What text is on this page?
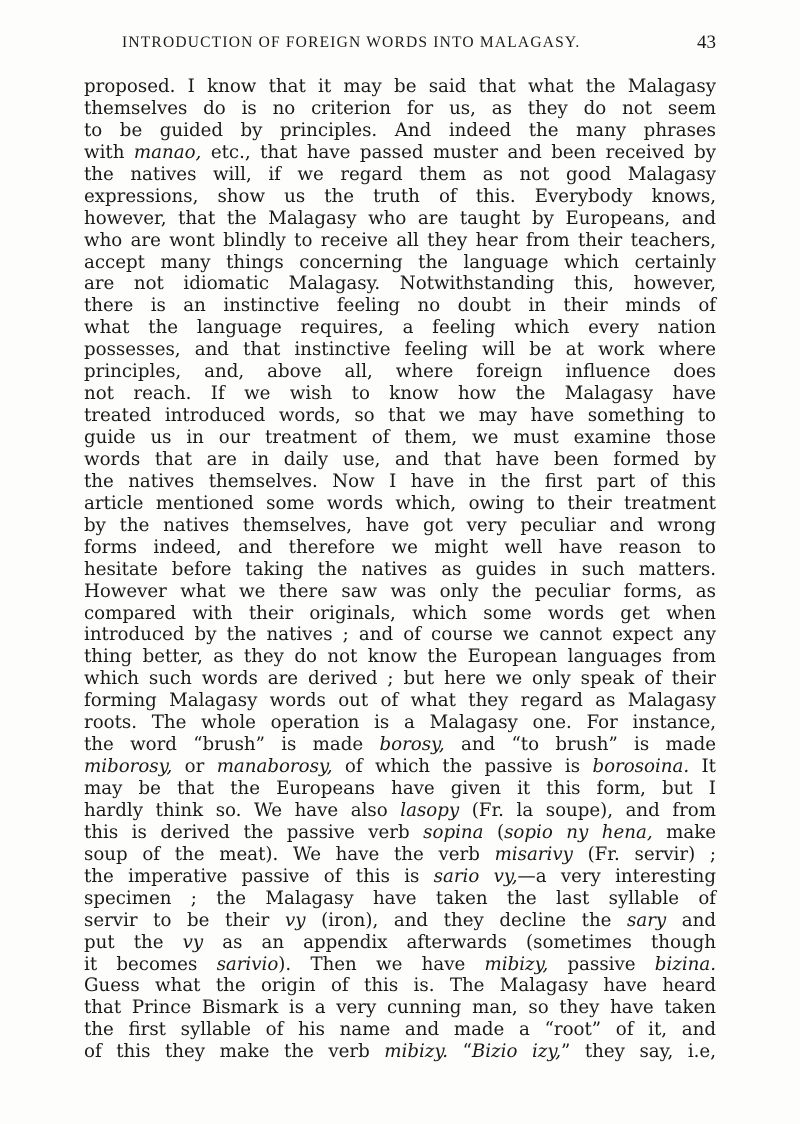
INTRODUCTION OF FOREIGN WORDS INTO MALAGASY.	43
proposed. I know that it may be said that what the Malagasy
themselves do is no criterion for us, as they do not seem
to be guided by principles. And indeed the many phrases
with manao, etc., that have passed muster and been received by
the natives will, if we regard them as not good Malagasy
expressions, show us the truth of this. Everybody knows,
however, that the Malagasy who are taught by Europeans, and
who are wont blindly to receive all they hear from their teachers,
accept many things concerning the language which certainly
are not idiomatic Malagasy. Notwithstanding this, however,
there is an instinctive feeling no doubt in their minds of
what the language requires, a feeling which every nation
possesses, and that instinctive feeling will be at work where
principles, and, above all, where foreign influence does
not reach. If we wish to know how the Malagasy have
treated introduced words, so that we may have something to
guide us in our treatment of them, we must examine those
words that are in daily use, and that have been formed by
the natives themselves. Now I have in the first part of this
article mentioned some words which, owing to their treatment
by the natives themselves, have got very peculiar and wrong
forms indeed, and therefore we might well have reason to
hesitate before taking the natives as guides in such matters.
However what we there saw was only the peculiar forms, as
compared with their originals, which some words get when
introduced by the natives ; and of course we cannot expect any
thing better, as they do not know the European languages from
which such words are derived ; but here we only speak of their
forming Malagasy words out of what they regard as Malagasy
roots. The whole operation is a Malagasy one. For instance,
the word “brush” is made borosy, and “to brush” is made
miborosy, or manaborosy, of which the passive is borosoina. It
may be that the Europeans have given it this form, but I
hardly think so. We have also lasopy (Fr. la soupe), and from
this is derived the passive verb sopina (sopio ny hena, make
soup of the meat). We have the verb misarivy (Fr. servir) ;
the imperative passive of this is sario vy,—a very interesting
specimen ; the Malagasy have taken the last syllable of
servir to be their vy (iron), and they decline the sary and
put the vy as an appendix afterwards (sometimes though
it becomes sarivio). Then we have mibizy, passive bizina.
Guess what the origin of this is. The Malagasy have heard
that Prince Bismark is a very cunning man, so they have taken
the first syllable of his name and made a “root” of it, and
of this they make the verb mibizy. “Bizio izy,” they say, i.e,
